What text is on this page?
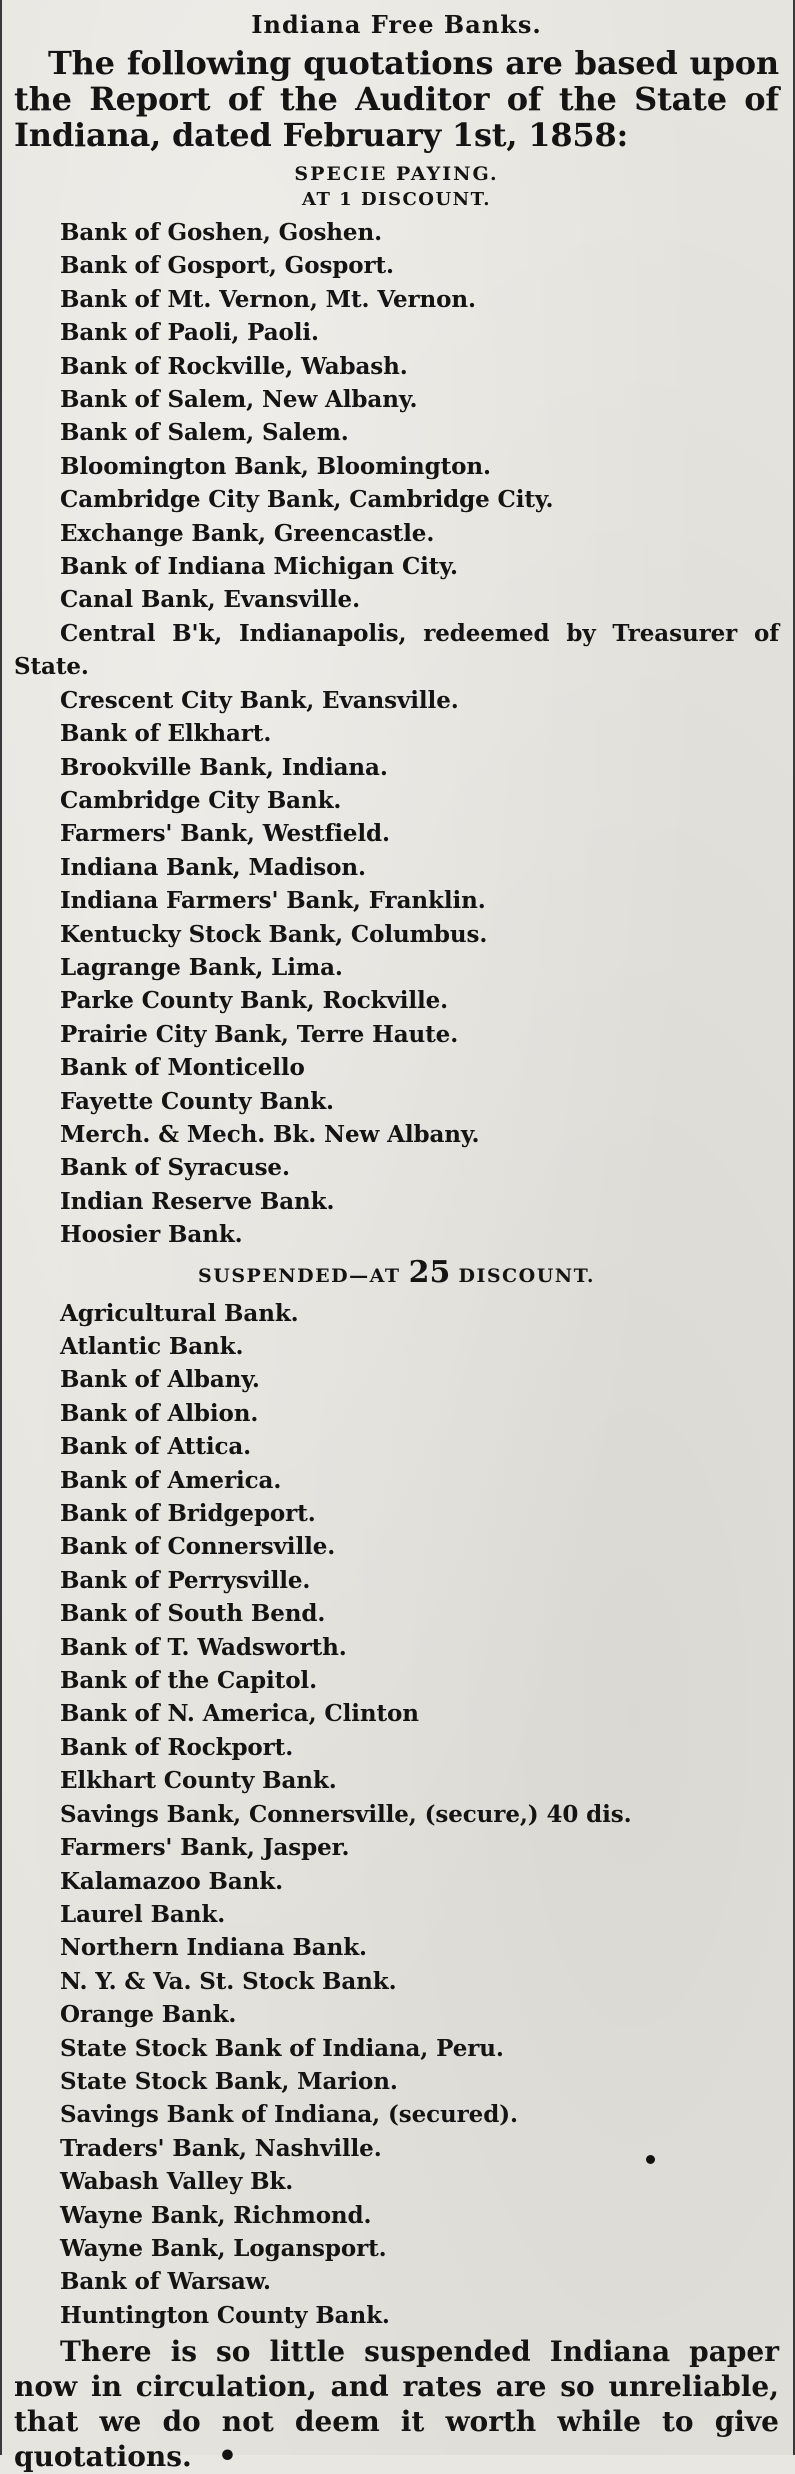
Indiana Free Banks.

The following quotations are based upon the Report of the Auditor of the State of Indiana, dated February 1st, 1858:

SPECIE PAYING.
AT 1 DISCOUNT.
Bank of Goshen, Goshen.
Bank of Gosport, Gosport.
Bank of Mt. Vernon, Mt. Vernon.
Bank of Paoli, Paoli.
Bank of Rockville, Wabash.
Bank of Salem, New Albany.
Bank of Salem, Salem.
Bloomington Bank, Bloomington.
Cambridge City Bank, Cambridge City.
Exchange Bank, Greencastle.
Bank of Indiana Michigan City.
Canal Bank, Evansville.
Central B'k, Indianapolis, redeemed by Treasurer of State.
Crescent City Bank, Evansville.
Bank of Elkhart.
Brookville Bank, Indiana.
Cambridge City Bank.
Farmers' Bank, Westfield.
Indiana Bank, Madison.
Indiana Farmers' Bank, Franklin.
Kentucky Stock Bank, Columbus.
Lagrange Bank, Lima.
Parke County Bank, Rockville.
Prairie City Bank, Terre Haute.
Bank of Monticello
Fayette County Bank.
Merch. & Mech. Bk. New Albany.
Bank of Syracuse.
Indian Reserve Bank.
Hoosier Bank.
SUSPENDED—AT 25 DISCOUNT.
Agricultural Bank.
Atlantic Bank.
Bank of Albany.
Bank of Albion.
Bank of Attica.
Bank of America.
Bank of Bridgeport.
Bank of Connersville.
Bank of Perrysville.
Bank of South Bend.
Bank of T. Wadsworth.
Bank of the Capitol.
Bank of N. America, Clinton
Bank of Rockport.
Elkhart County Bank.
Savings Bank, Connersville, (secure,) 40 dis.
Farmers' Bank, Jasper.
Kalamazoo Bank.
Laurel Bank.
Northern Indiana Bank.
N. Y. & Va. St. Stock Bank.
Orange Bank.
State Stock Bank of Indiana, Peru.
State Stock Bank, Marion.
Savings Bank of Indiana, (secured).
Traders' Bank, Nashville.
Wabash Valley Bk.
Wayne Bank, Richmond.
Wayne Bank, Logansport.
Bank of Warsaw.
Huntington County Bank.

There is so little suspended Indiana paper now in circulation, and rates are so unreliable, that we do not deem it worth while to give quotations. •
